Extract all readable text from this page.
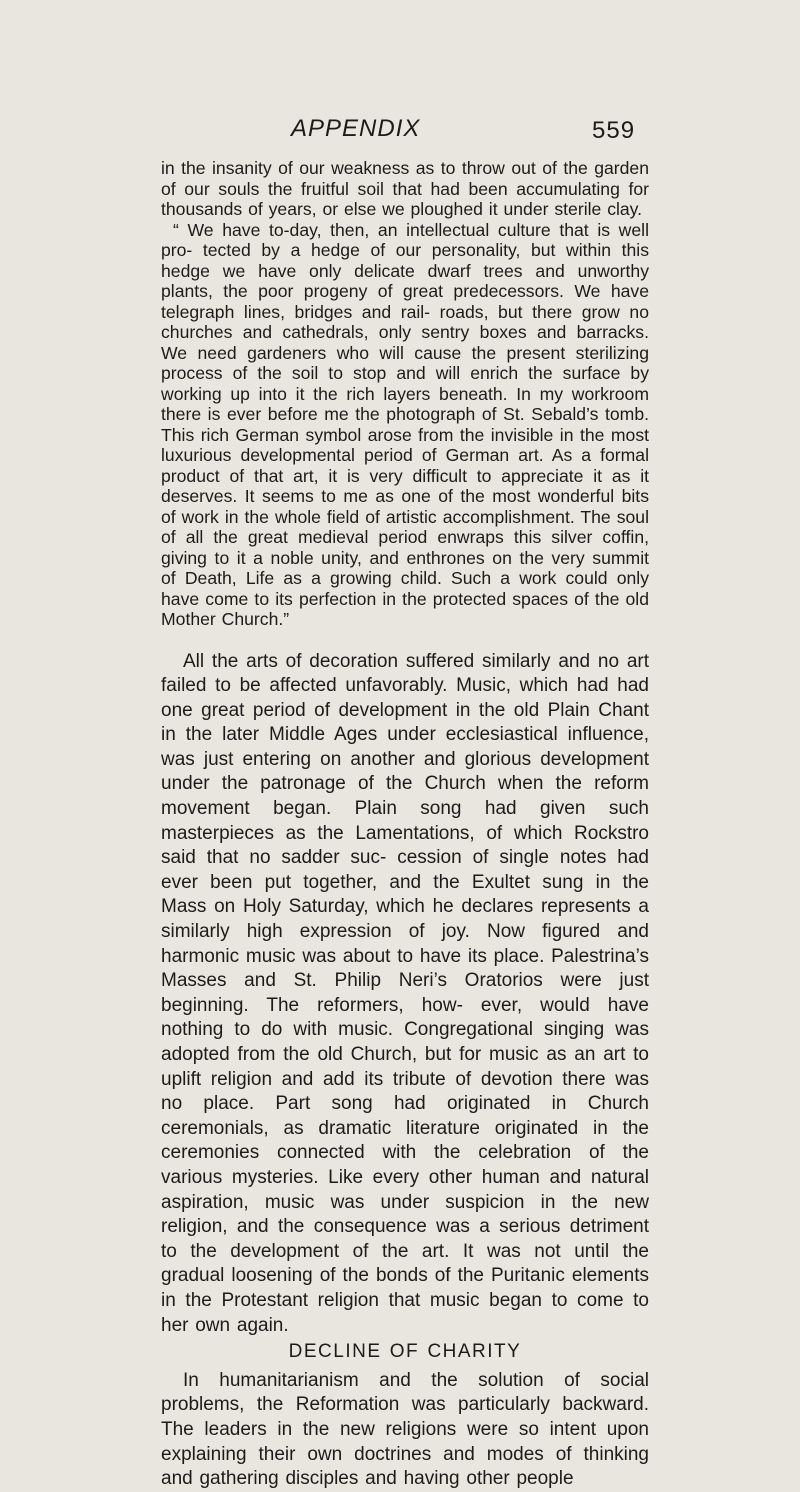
APPENDIX	559

in the insanity of our weakness as to throw out of the garden of our souls the fruitful soil that had been accumulating for thousands of years, or else we ploughed it under sterile clay.

“ We have to-day, then, an intellectual culture that is well pro- tected by a hedge of our personality, but within this hedge we have only delicate dwarf trees and unworthy plants, the poor progeny of great predecessors. We have telegraph lines, bridges and rail- roads, but there grow no churches and cathedrals, only sentry boxes and barracks. We need gardeners who will cause the present sterilizing process of the soil to stop and will enrich the surface by working up into it the rich layers beneath. In my workroom there is ever before me the photograph of St. Sebald’s tomb. This rich German symbol arose from the invisible in the most luxurious developmental period of German art. As a formal product of that art, it is very difficult to appreciate it as it deserves. It seems to me as one of the most wonderful bits of work in the whole field of artistic accomplishment. The soul of all the great medieval period enwraps this silver coffin, giving to it a noble unity, and enthrones on the very summit of Death, Life as a growing child. Such a work could only have come to its perfection in the protected spaces of the old Mother Church.”

All the arts of decoration suffered similarly and no art failed to be affected unfavorably. Music, which had had one great period of development in the old Plain Chant in the later Middle Ages under ecclesiastical influence, was just entering on another and glorious development under the patronage of the Church when the reform movement began. Plain song had given such masterpieces as the Lamentations, of which Rockstro said that no sadder suc- cession of single notes had ever been put together, and the Exultet sung in the Mass on Holy Saturday, which he declares represents a similarly high expression of joy. Now figured and harmonic music was about to have its place. Palestrina’s Masses and St. Philip Neri’s Oratorios were just beginning. The reformers, how- ever, would have nothing to do with music. Congregational singing was adopted from the old Church, but for music as an art to uplift religion and add its tribute of devotion there was no place. Part song had originated in Church ceremonials, as dramatic literature originated in the ceremonies connected with the celebration of the various mysteries. Like every other human and natural aspiration, music was under suspicion in the new religion, and the consequence was a serious detriment to the development of the art. It was not until the gradual loosening of the bonds of the Puritanic elements in the Protestant religion that music began to come to her own again.

DECLINE OF CHARITY

In humanitarianism and the solution of social problems, the Reformation was particularly backward. The leaders in the new religions were so intent upon explaining their own doctrines and modes of thinking and gathering disciples and having other people
